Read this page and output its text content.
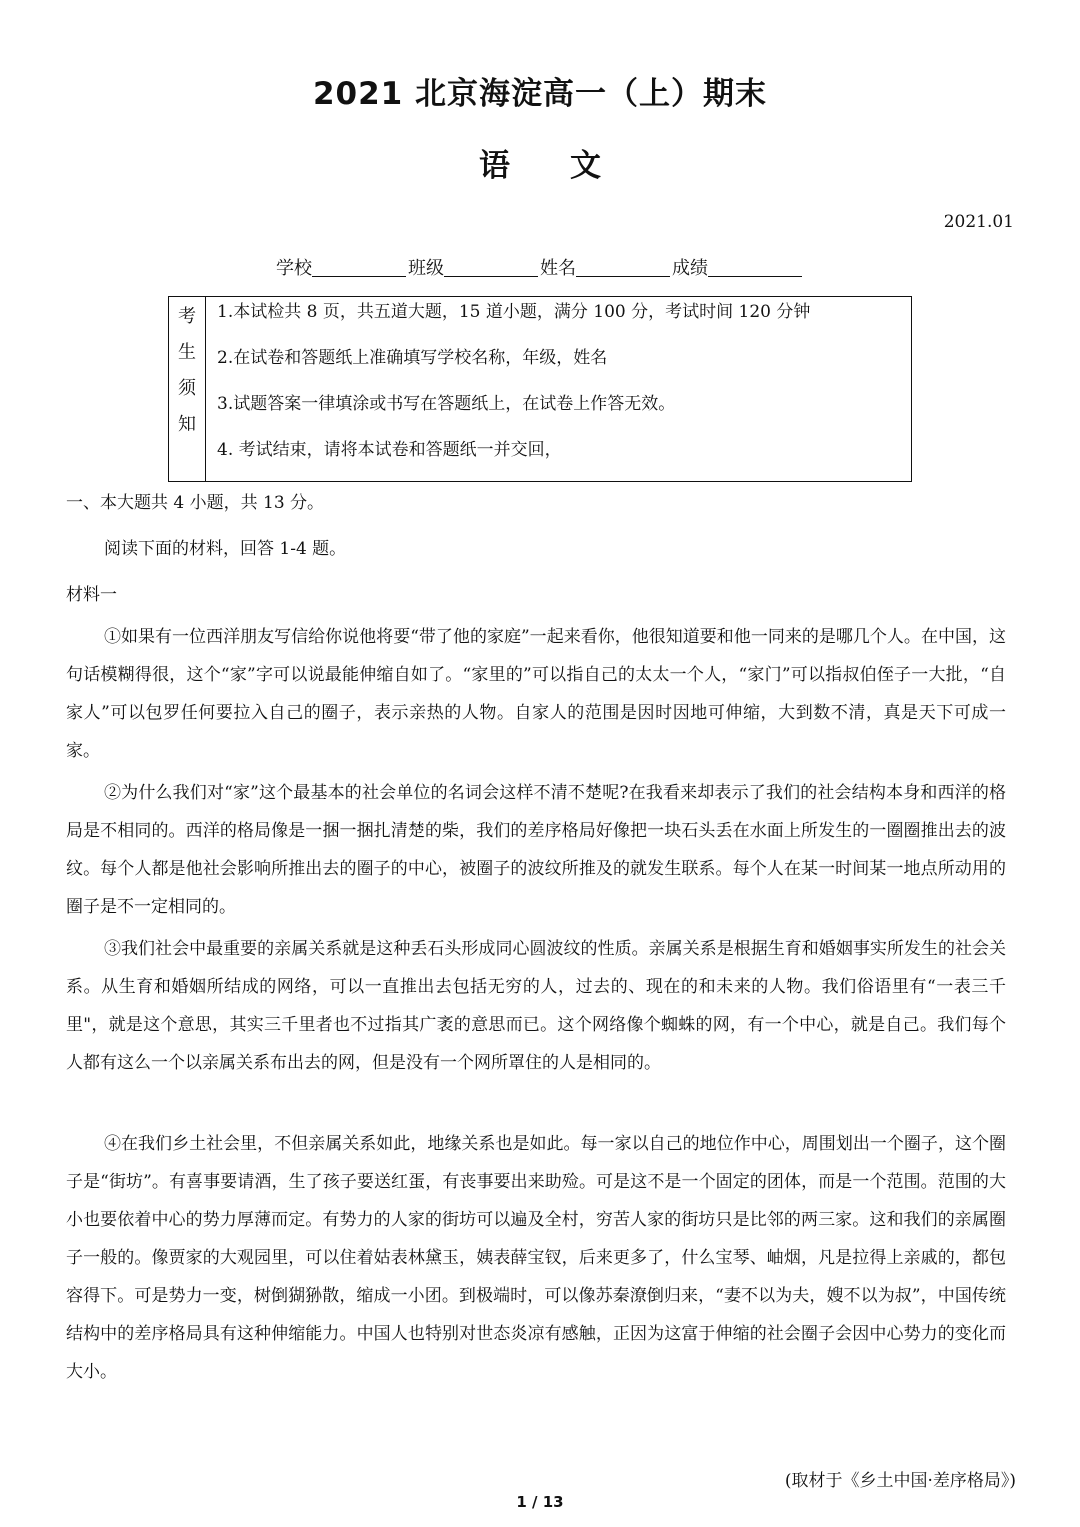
2021 北京海淀高一（上）期末
语 文
2021.01
学校	班级	姓名	成绩
考
生
须
知
1.本试检共 8 页，共五道大题，15 道小题，满分 100 分，考试时间 120 分钟
2.在试卷和答题纸上准确填写学校名称，年级，姓名
3.试题答案一律填涂或书写在答题纸上，在试卷上作答无效。
4. 考试结束，请将本试卷和答题纸一并交回，
一、本大题共 4 小题，共 13 分。
阅读下面的材料，回答 1-4 题。
材料一
①如果有一位西洋朋友写信给你说他将要“带了他的家庭”一起来看你，他很知道要和他一同来的是哪几个人。在中国，这句话模糊得很，这个“家”字可以说最能伸缩自如了。“家里的”可以指自己的太太一个人，“家门”可以指叔伯侄子一大批，“自家人”可以包罗任何要拉入自己的圈子，表示亲热的人物。自家人的范围是因时因地可伸缩，大到数不清，真是天下可成一家。
②为什么我们对“家”这个最基本的社会单位的名词会这样不清不楚呢?在我看来却表示了我们的社会结构本身和西洋的格局是不相同的。西洋的格局像是一捆一捆扎清楚的柴，我们的差序格局好像把一块石头丢在水面上所发生的一圈圈推出去的波纹。每个人都是他社会影响所推出去的圈子的中心，被圈子的波纹所推及的就发生联系。每个人在某一时间某一地点所动用的圈子是不一定相同的。
③我们社会中最重要的亲属关系就是这种丢石头形成同心圆波纹的性质。亲属关系是根据生育和婚姻事实所发生的社会关系。从生育和婚姻所结成的网络，可以一直推出去包括无穷的人，过去的、现在的和未来的人物。我们俗语里有“一表三千里"，就是这个意思，其实三千里者也不过指其广袤的意思而已。这个网络像个蜘蛛的网，有一个中心，就是自己。我们每个人都有这么一个以亲属关系布出去的网，但是没有一个网所罩住的人是相同的。
④在我们乡土社会里，不但亲属关系如此，地缘关系也是如此。每一家以自己的地位作中心，周围划出一个圈子，这个圈子是“街坊”。有喜事要请酒，生了孩子要送红蛋，有丧事要出来助殓。可是这不是一个固定的团体，而是一个范围。范围的大小也要依着中心的势力厚薄而定。有势力的人家的街坊可以遍及全村，穷苦人家的街坊只是比邻的两三家。这和我们的亲属圈子一般的。像贾家的大观园里，可以住着姑表林黛玉，姨表薛宝钗，后来更多了，什么宝琴、岫烟，凡是拉得上亲戚的，都包容得下。可是势力一变，树倒猢狲散，缩成一小团。到极端时，可以像苏秦潦倒归来，“妻不以为夫，嫂不以为叔”，中国传统结构中的差序格局具有这种伸缩能力。中国人也特别对世态炎凉有感触，正因为这富于伸缩的社会圈子会因中心势力的变化而大小。
(取材于《乡土中国·差序格局》)
1 / 13
